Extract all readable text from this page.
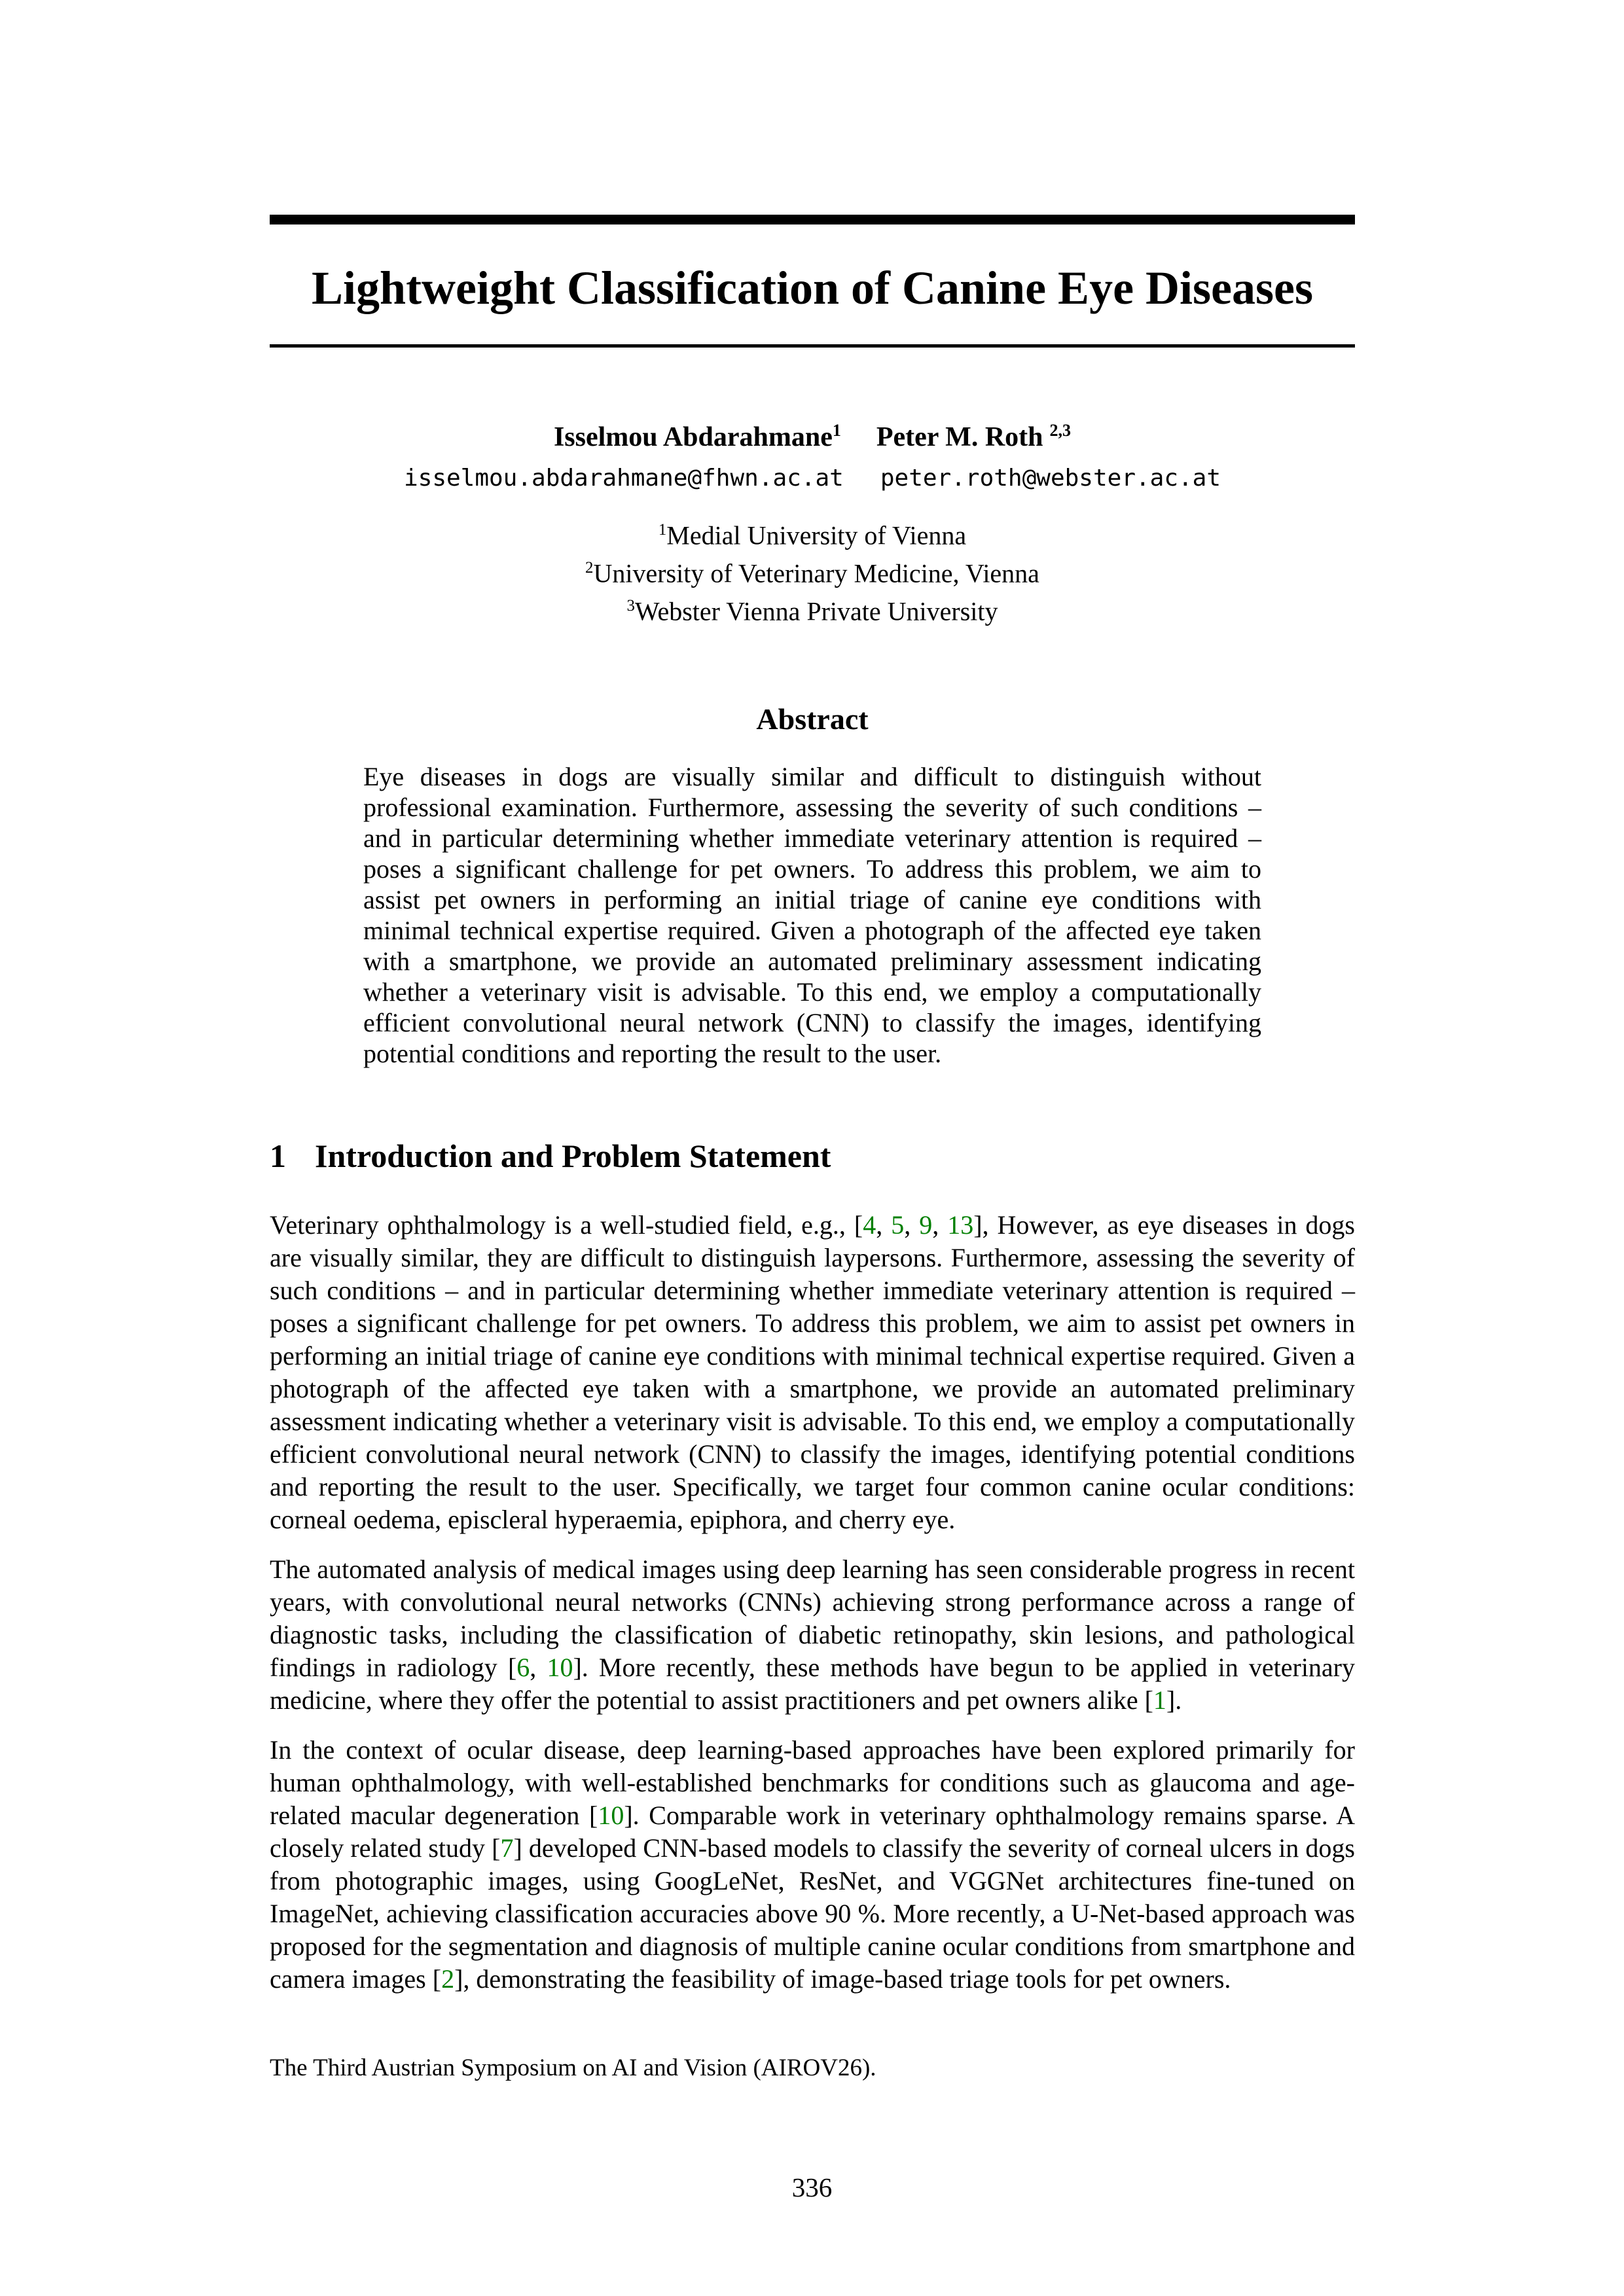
Lightweight Classification of Canine Eye Diseases
Isselmou Abdarahmane$^1$ Peter M. Roth $^{2,3}$
isselmou.abdarahmane@fhwn.ac.at peter.roth@webster.ac.at
$^1$Medial University of Vienna
$^2$University of Veterinary Medicine, Vienna
$^3$Webster Vienna Private University
Abstract

Eye diseases in dogs are visually similar and difficult to distinguish without professional examination. Furthermore, assessing the severity of such conditions – and in particular determining whether immediate veterinary attention is required – poses a significant challenge for pet owners. To address this problem, we aim to assist pet owners in performing an initial triage of canine eye conditions with minimal technical expertise required. Given a photograph of the affected eye taken with a smartphone, we provide an automated preliminary assessment indicating whether a veterinary visit is advisable. To this end, we employ a computationally efficient convolutional neural network (CNN) to classify the images, identifying potential conditions and reporting the result to the user.

1 Introduction and Problem Statement

Veterinary ophthalmology is a well-studied field, e.g., [4, 5, 9, 13], However, as eye diseases in dogs are visually similar, they are difficult to distinguish laypersons. Furthermore, assessing the severity of such conditions – and in particular determining whether immediate veterinary attention is required – poses a significant challenge for pet owners. To address this problem, we aim to assist pet owners in performing an initial triage of canine eye conditions with minimal technical expertise required. Given a photograph of the affected eye taken with a smartphone, we provide an automated preliminary assessment indicating whether a veterinary visit is advisable. To this end, we employ a computationally efficient convolutional neural network (CNN) to classify the images, identifying potential conditions and reporting the result to the user. Specifically, we target four common canine ocular conditions: corneal oedema, episcleral hyperaemia, epiphora, and cherry eye.

The automated analysis of medical images using deep learning has seen considerable progress in recent years, with convolutional neural networks (CNNs) achieving strong performance across a range of diagnostic tasks, including the classification of diabetic retinopathy, skin lesions, and pathological findings in radiology [6, 10]. More recently, these methods have begun to be applied in veterinary medicine, where they offer the potential to assist practitioners and pet owners alike [1].

In the context of ocular disease, deep learning-based approaches have been explored primarily for human ophthalmology, with well-established benchmarks for conditions such as glaucoma and age-related macular degeneration [10]. Comparable work in veterinary ophthalmology remains sparse. A closely related study [7] developed CNN-based models to classify the severity of corneal ulcers in dogs from photographic images, using GoogLeNet, ResNet, and VGGNet architectures fine-tuned on ImageNet, achieving classification accuracies above 90 %. More recently, a U-Net-based approach was proposed for the segmentation and diagnosis of multiple canine ocular conditions from smartphone and camera images [2], demonstrating the feasibility of image-based triage tools for pet owners.

The Third Austrian Symposium on AI and Vision (AIROV26).

336
